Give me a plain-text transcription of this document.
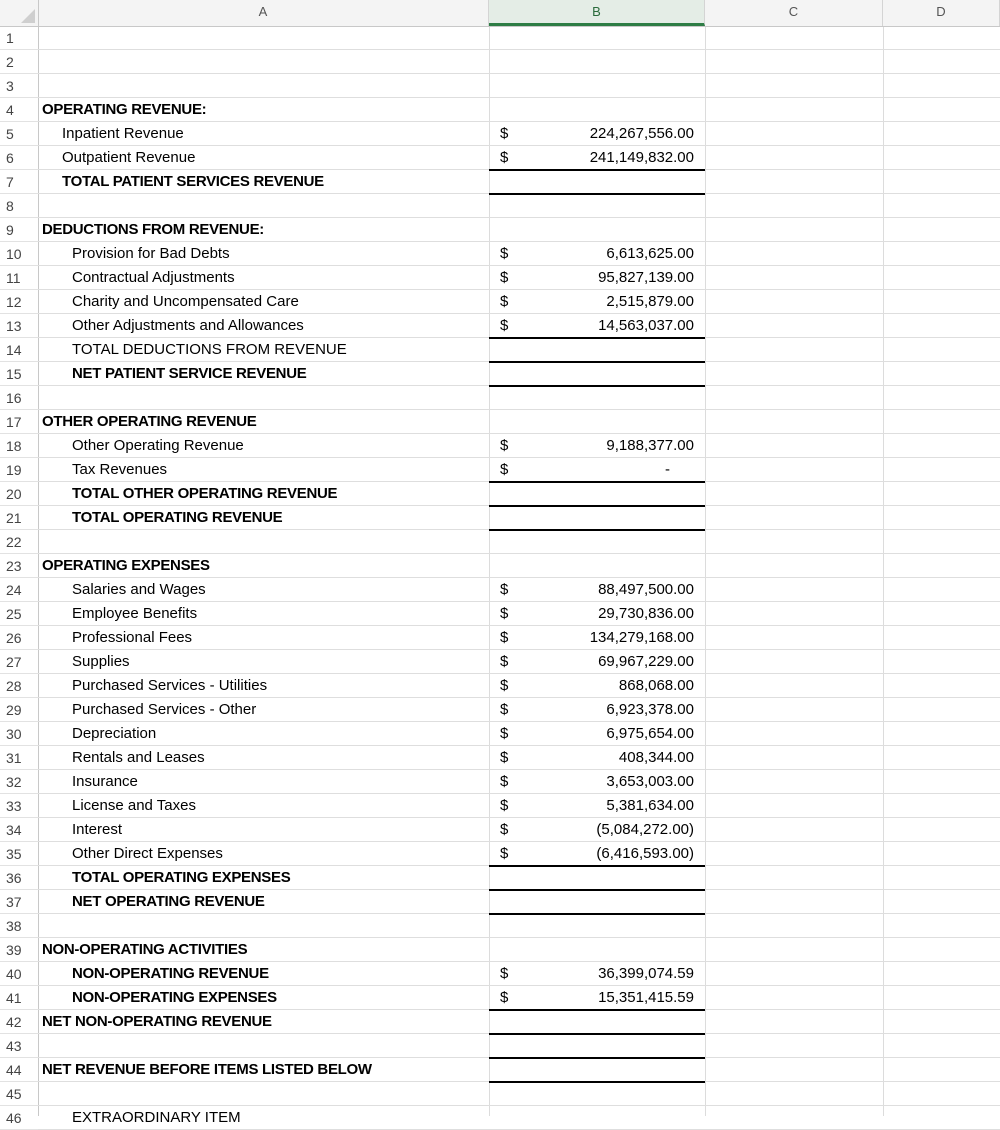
1
2
3
4	OPERATING REVENUE:
5	Inpatient Revenue	$	224,267,556.00
6	Outpatient Revenue	$	241,149,832.00
7	TOTAL PATIENT SERVICES REVENUE
8
9	DEDUCTIONS FROM REVENUE:
10	Provision for Bad Debts	$	6,613,625.00
11	Contractual Adjustments	$	95,827,139.00
12	Charity and Uncompensated Care	$	2,515,879.00
13	Other Adjustments and Allowances	$	14,563,037.00
14	TOTAL DEDUCTIONS FROM REVENUE
15	NET PATIENT SERVICE REVENUE
16
17	OTHER OPERATING REVENUE
18	Other Operating Revenue	$	9,188,377.00
19	Tax Revenues	$	-
20	TOTAL OTHER OPERATING REVENUE
21	TOTAL OPERATING REVENUE
22
23	OPERATING EXPENSES
24	Salaries and Wages	$	88,497,500.00
25	Employee Benefits	$	29,730,836.00
26	Professional Fees	$	134,279,168.00
27	Supplies	$	69,967,229.00
28	Purchased Services - Utilities	$	868,068.00
29	Purchased Services - Other	$	6,923,378.00
30	Depreciation	$	6,975,654.00
31	Rentals and Leases	$	408,344.00
32	Insurance	$	3,653,003.00
33	License and Taxes	$	5,381,634.00
34	Interest	$	(5,084,272.00)
35	Other Direct Expenses	$	(6,416,593.00)
36	TOTAL OPERATING EXPENSES
37	NET OPERATING REVENUE
38
39	NON-OPERATING ACTIVITIES
40	NON-OPERATING REVENUE	$	36,399,074.59
41	NON-OPERATING EXPENSES	$	15,351,415.59
42	NET NON-OPERATING REVENUE
43
44	NET REVENUE BEFORE ITEMS LISTED BELOW
45
46	EXTRAORDINARY ITEM
A	B	C	D
